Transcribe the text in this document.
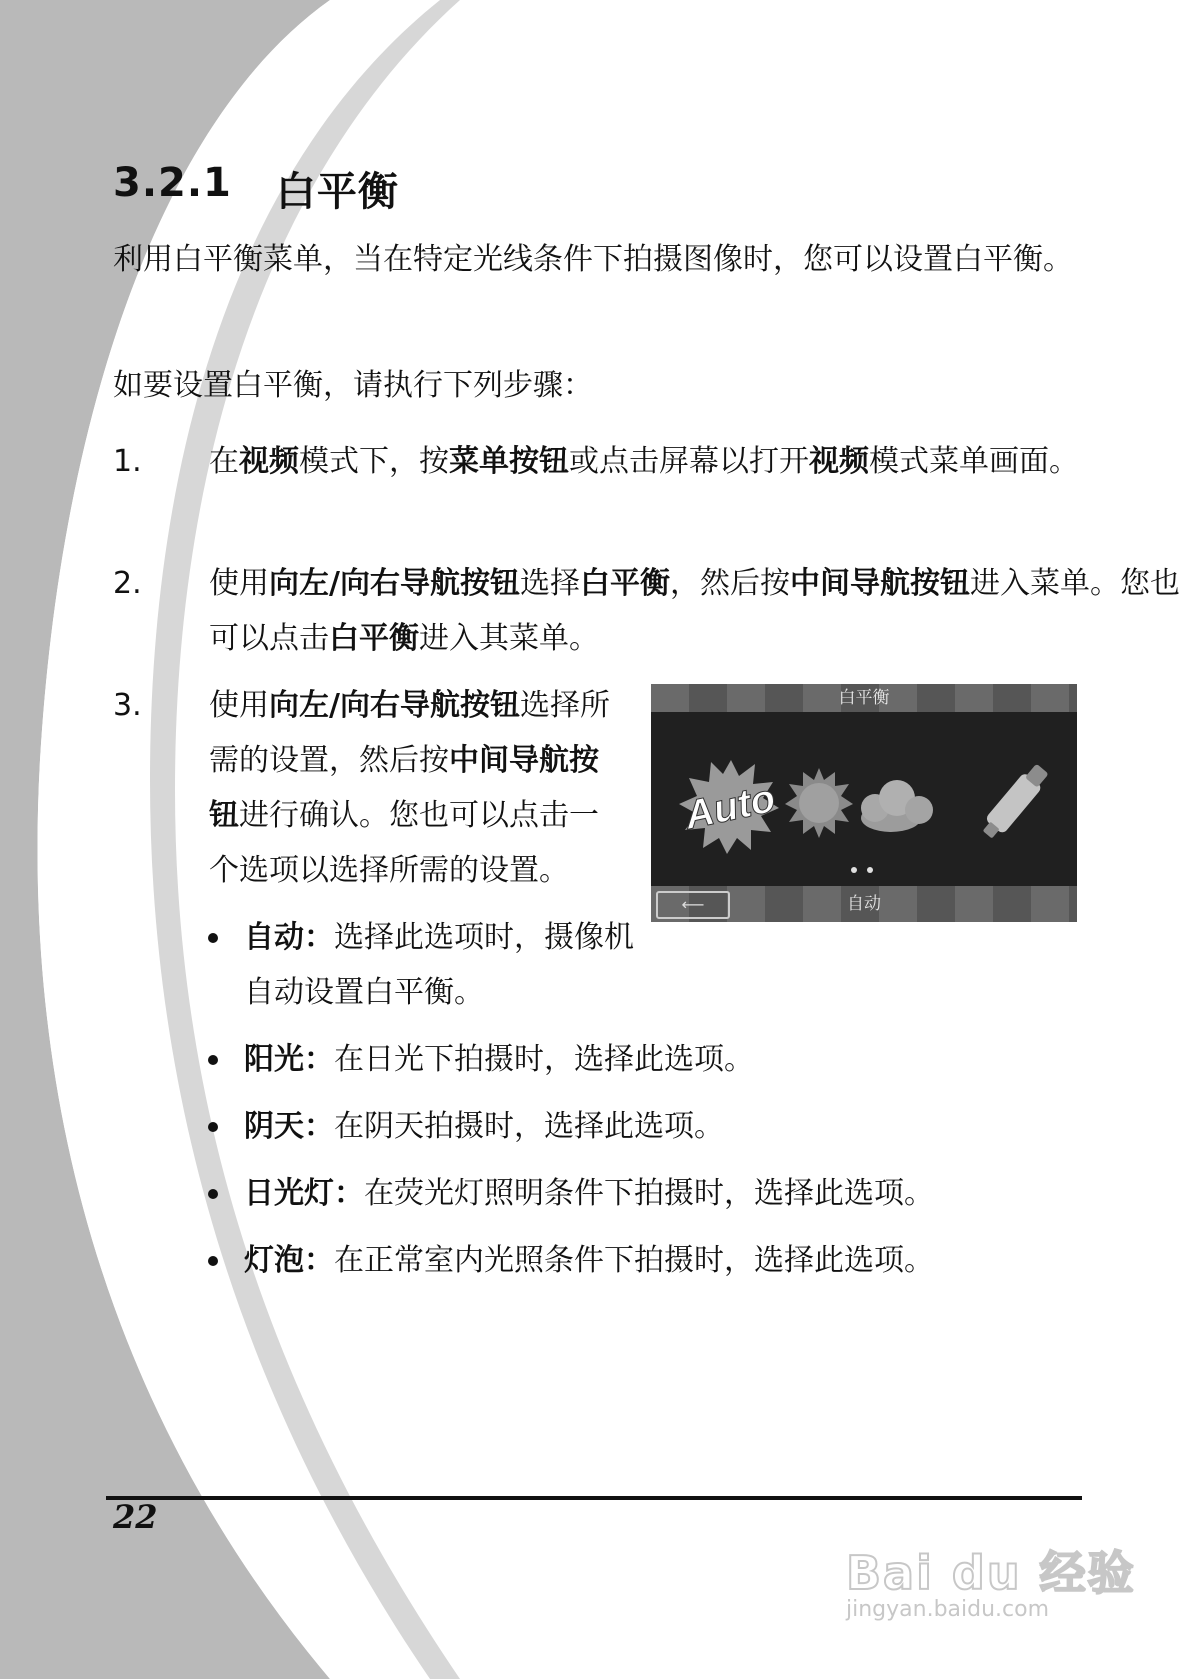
3.2.1 白平衡
利用白平衡菜单，当在特定光线条件下拍摄图像时，您可以设置白平衡。
如要设置白平衡，请执行下列步骤：
1.	在视频模式下，按菜单按钮或点击屏幕以打开视频模式菜单画面。
2.	使用向左/向右导航按钮选择白平衡，然后按中间导航按钮进入菜单。您也可以点击白平衡进入其菜单。
3.	使用向左/向右导航按钮选择所需的设置，然后按中间导航按钮进行确认。您也可以点击一个选项以选择所需的设置。
白平衡
Auto
⟵	自动
自动：选择此选项时，摄像机自动设置白平衡。
阳光：在日光下拍摄时，选择此选项。
阴天：在阴天拍摄时，选择此选项。
日光灯：在荧光灯照明条件下拍摄时，选择此选项。
灯泡：在正常室内光照条件下拍摄时，选择此选项。
22
Bai du 经验
jingyan.baidu.com
